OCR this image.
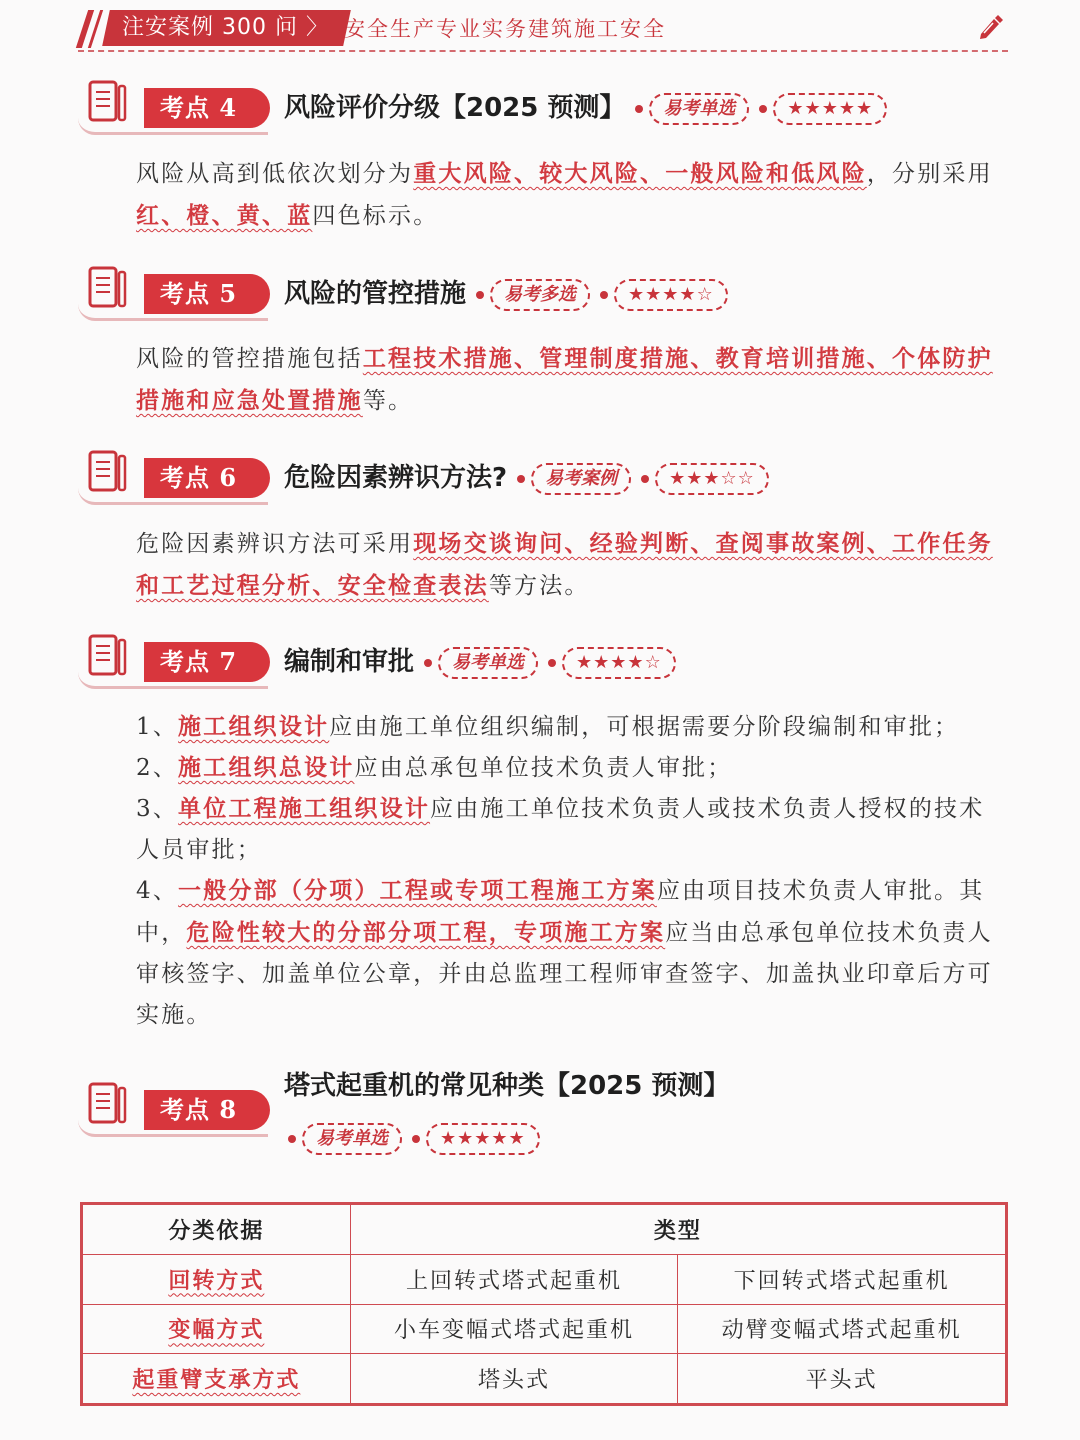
注安案例 300 问 〉 安全生产专业实务建筑施工安全
考点 4	风险评价分级【2025 预测】 易考单选	★★★★★
风险从高到低依次划分为重大风险、较大风险、一般风险和低风险，分别采用红、橙、黄、蓝四色标示。
考点 5	风险的管控措施 易考多选	★★★★☆
风险的管控措施包括工程技术措施、管理制度措施、教育培训措施、个体防护措施和应急处置措施等。
考点 6	危险因素辨识方法? 易考案例	★★★☆☆
危险因素辨识方法可采用现场交谈询问、经验判断、查阅事故案例、工作任务和工艺过程分析、安全检查表法等方法。
考点 7	编制和审批 易考单选	★★★★☆
1、施工组织设计应由施工单位组织编制，可根据需要分阶段编制和审批；
2、施工组织总设计应由总承包单位技术负责人审批；
3、单位工程施工组织设计应由施工单位技术负责人或技术负责人授权的技术人员审批；
4、一般分部（分项）工程或专项工程施工方案应由项目技术负责人审批。其中，危险性较大的分部分项工程，专项施工方案应当由总承包单位技术负责人审核签字、加盖单位公章，并由总监理工程师审查签字、加盖执业印章后方可实施。
考点 8
塔式起重机的常见种类【2025 预测】
易考单选	★★★★★
分类依据	类型	
回转方式	上回转式塔式起重机	下回转式塔式起重机
变幅方式	小车变幅式塔式起重机	动臂变幅式塔式起重机
起重臂支承方式	塔头式	平头式
